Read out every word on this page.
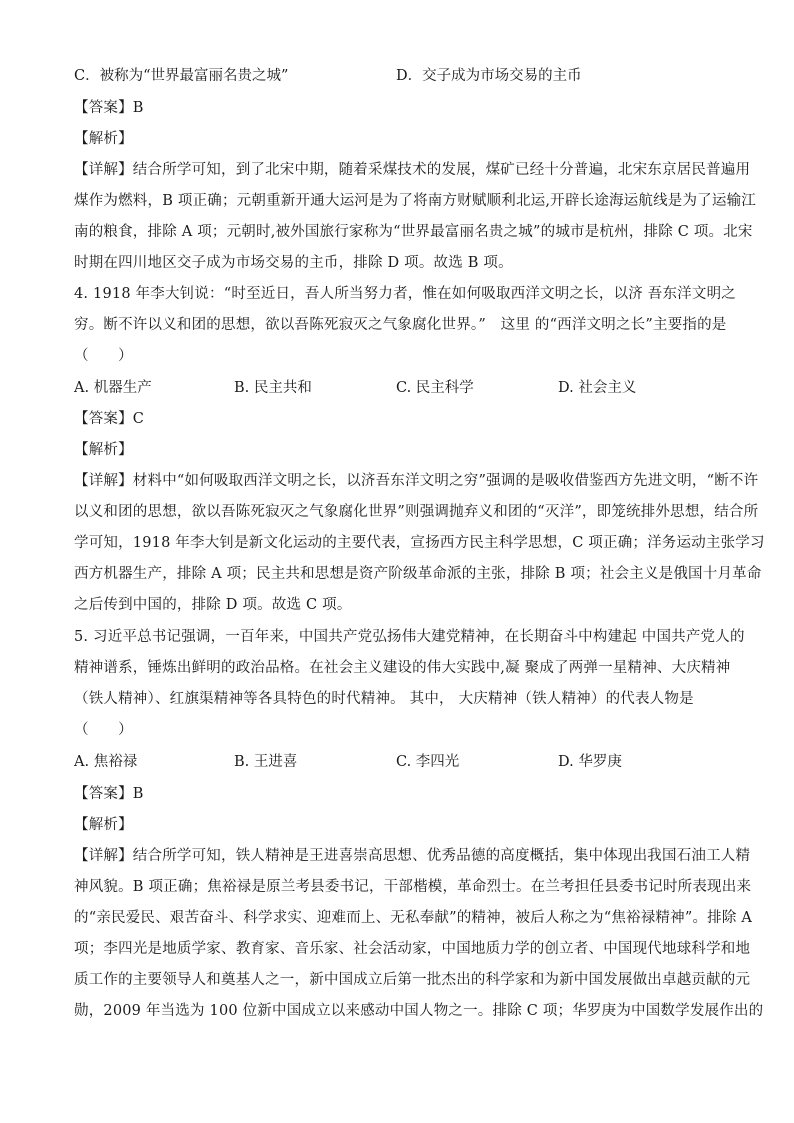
C．被称为“世界最富丽名贵之城”	D．交子成为市场交易的主币
【答案】B
【解析】
【详解】结合所学可知，到了北宋中期，随着采煤技术的发展，煤矿已经十分普遍，北宋东京居民普遍用
煤作为燃料，B 项正确；元朝重新开通大运河是为了将南方财赋顺利北运,开辟长途海运航线是为了运输江
南的粮食，排除 A 项；元朝时,被外国旅行家称为“世界最富丽名贵之城”的城市是杭州，排除 C 项。北宋
时期在四川地区交子成为市场交易的主币，排除 D 项。故选 B 项。
4. 1918 年李大钊说：“时至近日，吾人所当努力者，惟在如何吸取西洋文明之长，以济 吾东洋文明之
穷。断不许以义和团的思想，欲以吾陈死寂灭之气象腐化世界。”　这里 的“西洋文明之长”主要指的是
（　　）
A. 机器生产	B. 民主共和	C. 民主科学	D. 社会主义
【答案】C
【解析】
【详解】材料中“如何吸取西洋文明之长，以济吾东洋文明之穷”强调的是吸收借鉴西方先进文明，“断不许
以义和团的思想，欲以吾陈死寂灭之气象腐化世界”则强调抛弃义和团的“灭洋”，即笼统排外思想，结合所
学可知，1918 年李大钊是新文化运动的主要代表，宣扬西方民主科学思想，C 项正确；洋务运动主张学习
西方机器生产，排除 A 项；民主共和思想是资产阶级革命派的主张，排除 B 项；社会主义是俄国十月革命
之后传到中国的，排除 D 项。故选 C 项。
5. 习近平总书记强调，一百年来，中国共产党弘扬伟大建党精神，在长期奋斗中构建起 中国共产党人的
精神谱系，锤炼出鲜明的政治品格。在社会主义建设的伟大实践中,凝 聚成了两弹一星精神、大庆精神
（铁人精神）、红旗渠精神等各具特色的时代精神。 其中， 大庆精神（铁人精神）的代表人物是
（　　）
A. 焦裕禄	B. 王进喜	C. 李四光	D. 华罗庚
【答案】B
【解析】
【详解】结合所学可知，铁人精神是王进喜崇高思想、优秀品德的高度概括，集中体现出我国石油工人精
神风貌。B 项正确；焦裕禄是原兰考县委书记，干部楷模，革命烈士。在兰考担任县委书记时所表现出来
的“亲民爱民、艰苦奋斗、科学求实、迎难而上、无私奉献”的精神，被后人称之为“焦裕禄精神”。排除 A
项；李四光是地质学家、教育家、音乐家、社会活动家，中国地质力学的创立者、中国现代地球科学和地
质工作的主要领导人和奠基人之一，新中国成立后第一批杰出的科学家和为新中国发展做出卓越贡献的元
勋，2009 年当选为 100 位新中国成立以来感动中国人物之一。排除 C 项；华罗庚为中国数学发展作出的
